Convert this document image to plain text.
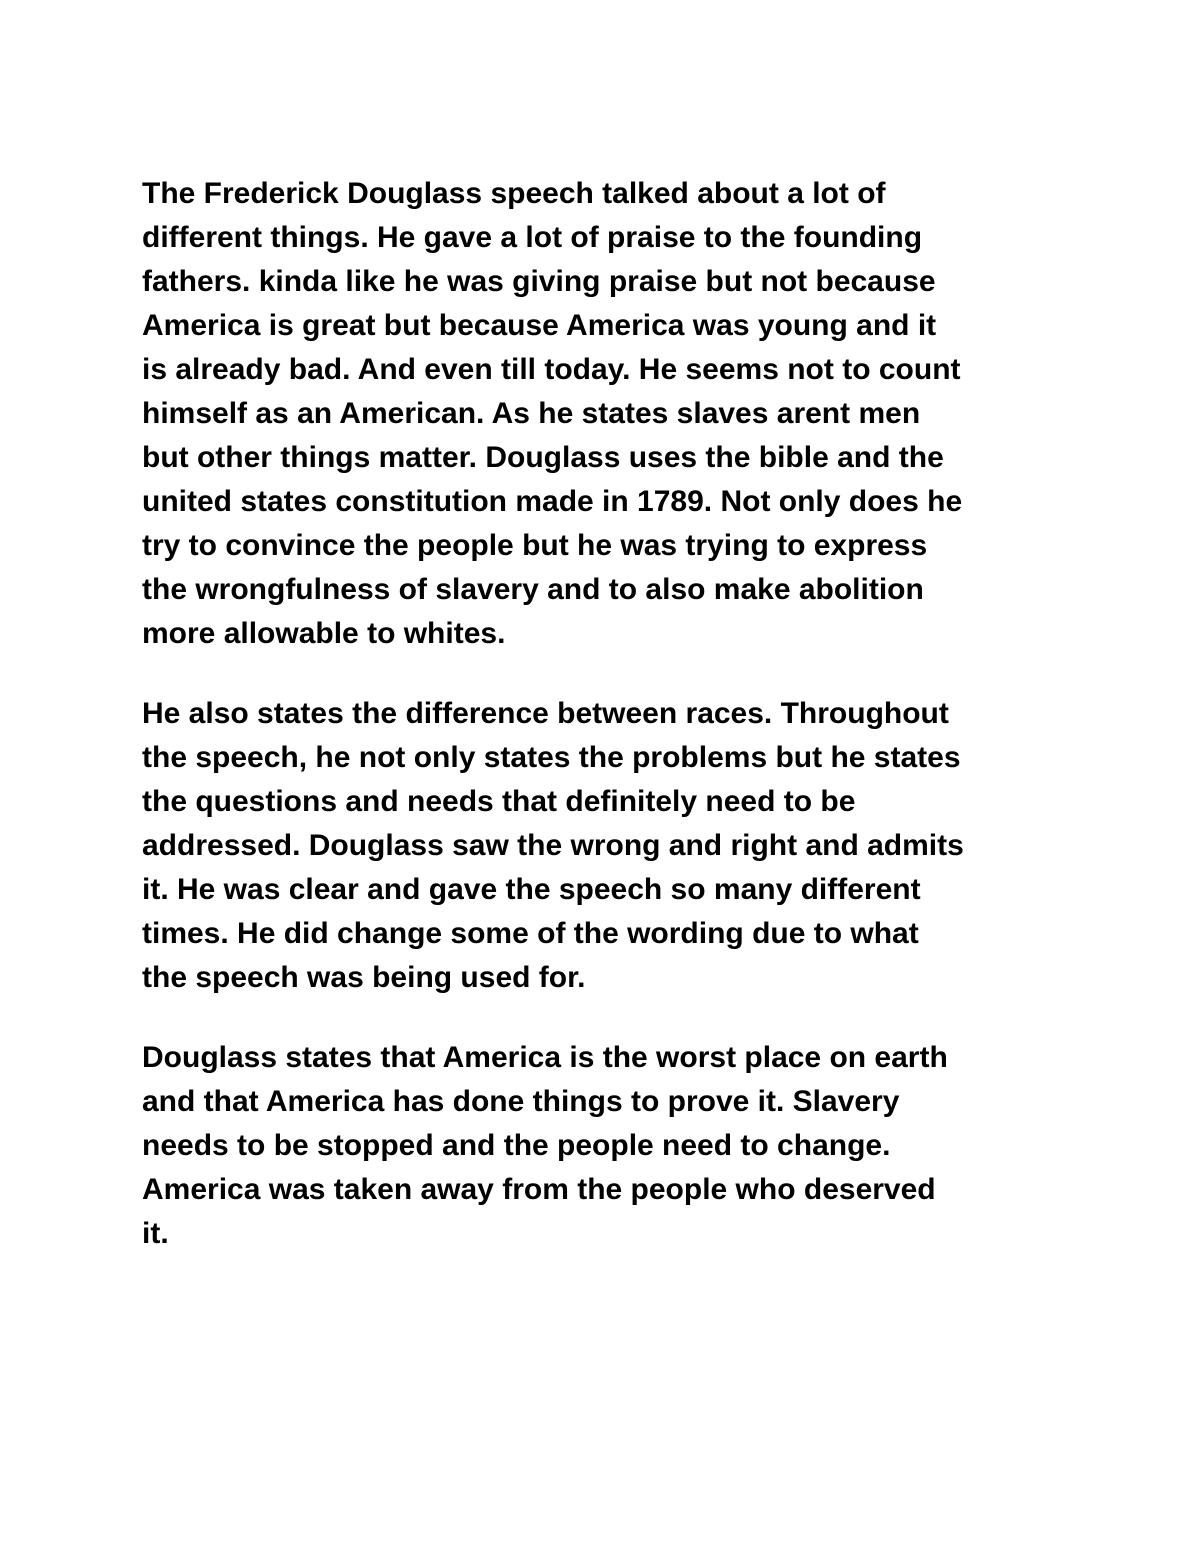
The Frederick Douglass speech talked about a lot of
different things. He gave a lot of praise to the founding
fathers. kinda like he was giving praise but not because
America is great but because America was young and it
is already bad. And even till today. He seems not to count
himself as an American. As he states slaves arent men
but other things matter. Douglass uses the bible and the
united states constitution made in 1789. Not only does he
try to convince the people but he was trying to express
the wrongfulness of slavery and to also make abolition
more allowable to whites.

He also states the difference between races. Throughout
the speech, he not only states the problems but he states
the questions and needs that definitely need to be
addressed. Douglass saw the wrong and right and admits
it. He was clear and gave the speech so many different
times. He did change some of the wording due to what
the speech was being used for.

Douglass states that America is the worst place on earth
and that America has done things to prove it. Slavery
needs to be stopped and the people need to change.
America was taken away from the people who deserved
it.
